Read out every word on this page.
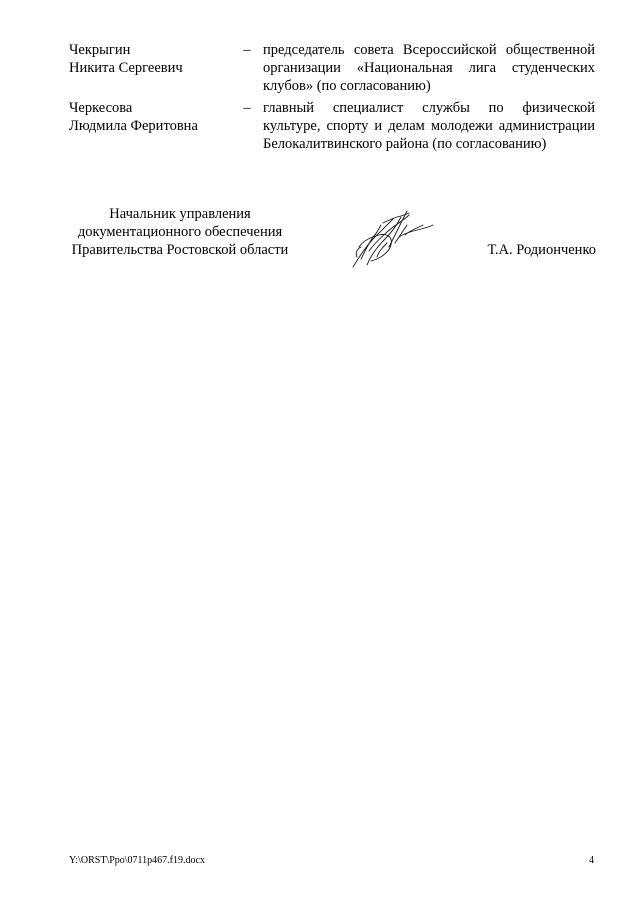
Чекрыгин
Никита Сергеевич
– председатель совета Всероссийской общественной
организации «Национальная лига студенческих
клубов» (по согласованию)
Черкесова
Людмила Феритовна
– главный специалист службы по физической
культуре, спорту и делам молодежи администрации
Белокалитвинского района (по согласованию)
Начальник управления
документационного обеспечения
Правительства Ростовской области	Т.А. Родионченко
Y:\ORST\Ppo\0711p467.f19.docx	4
